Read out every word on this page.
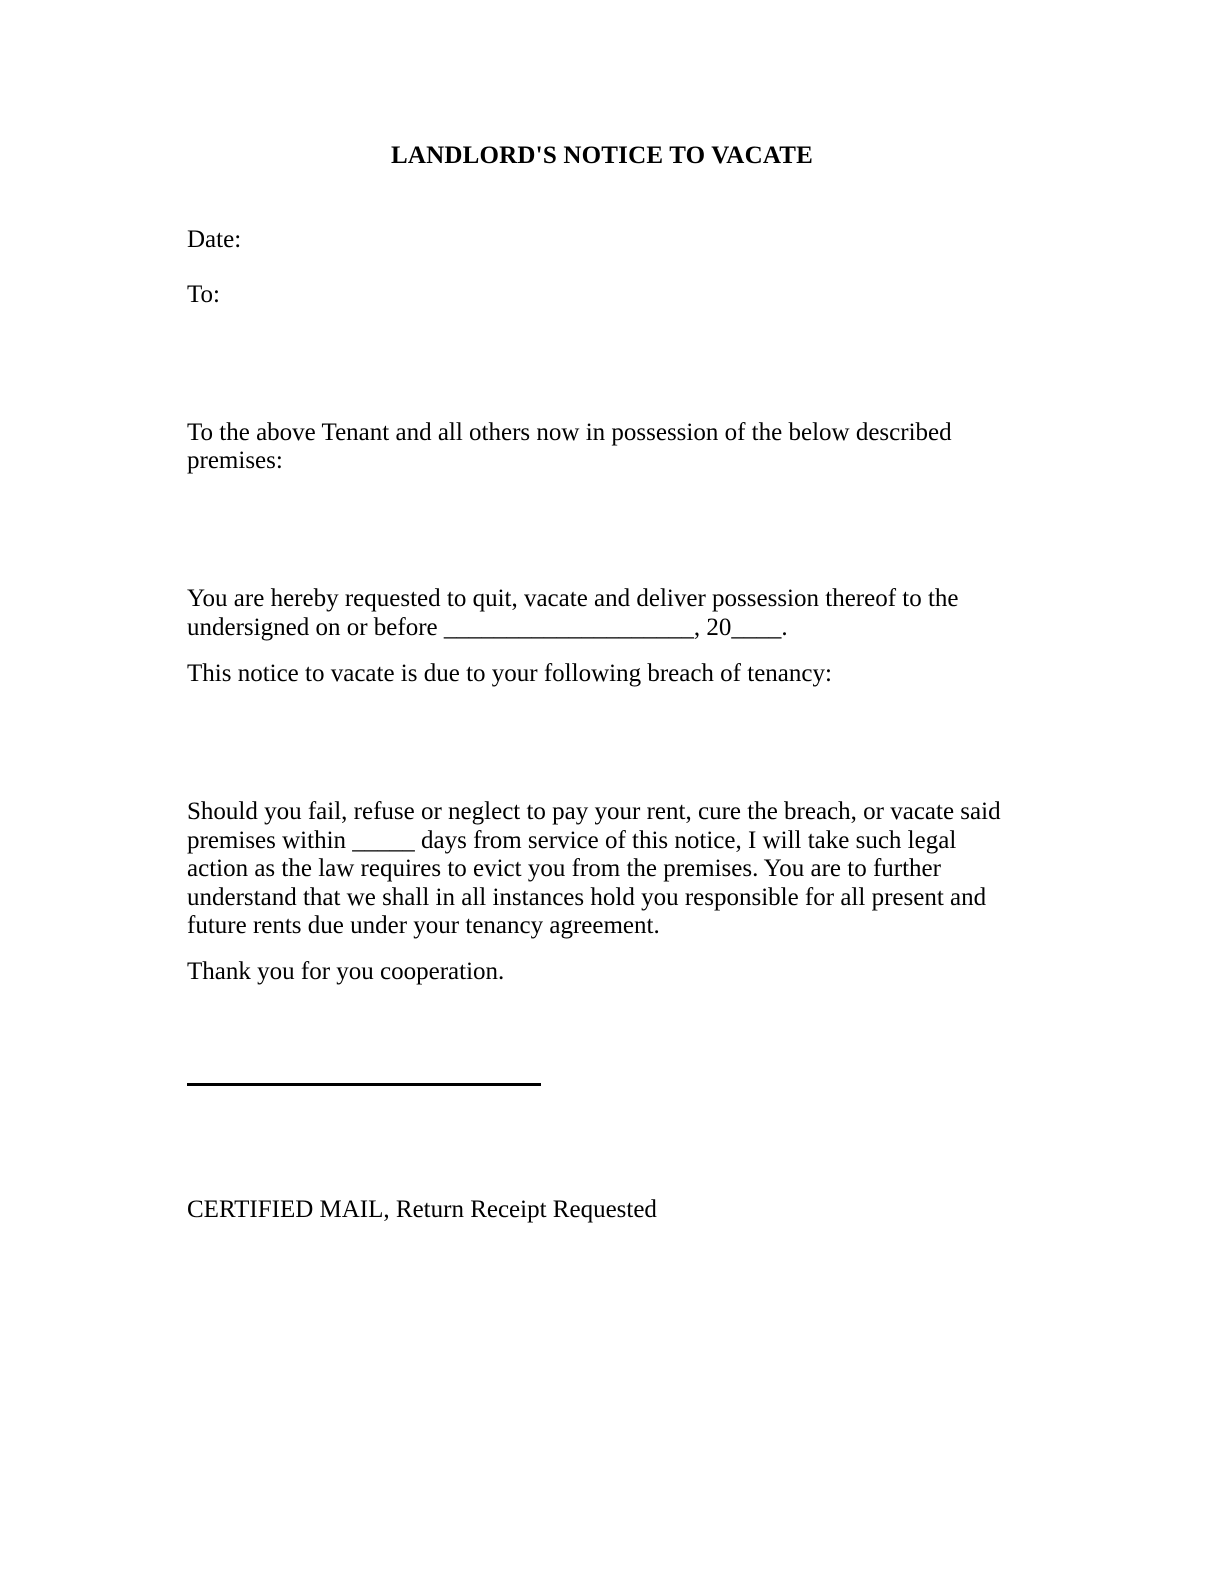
LANDLORD'S NOTICE TO VACATE

Date:

To:

To the above Tenant and all others now in possession of the below described premises:

You are hereby requested to quit, vacate and deliver possession thereof to the undersigned on or before ____________________, 20____.

This notice to vacate is due to your following breach of tenancy:

Should you fail, refuse or neglect to pay your rent, cure the breach, or vacate said premises within _____ days from service of this notice, I will take such legal action as the law requires to evict you from the premises. You are to further understand that we shall in all instances hold you responsible for all present and future rents due under your tenancy agreement.

Thank you for you cooperation.

CERTIFIED MAIL, Return Receipt Requested
